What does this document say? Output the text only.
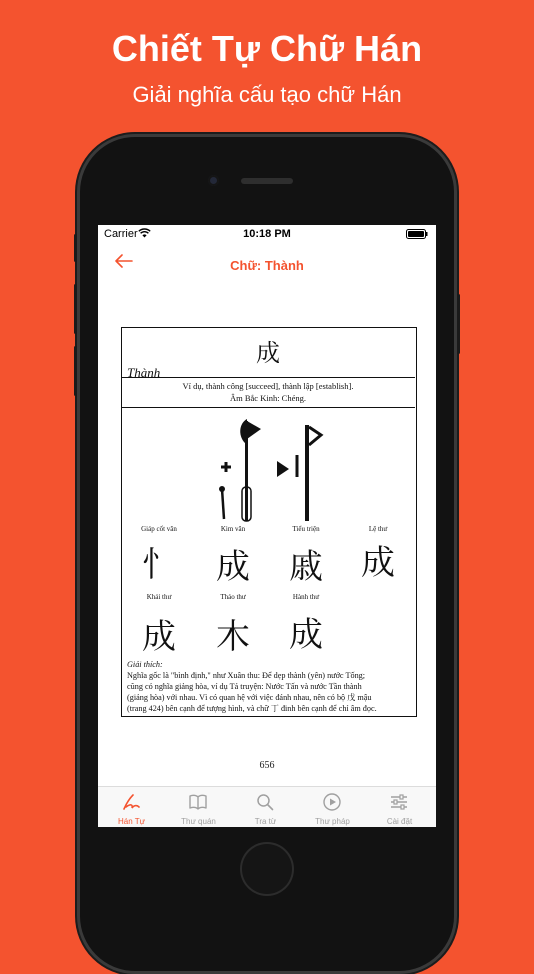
Chiết Tự Chữ Hán
Giải nghĩa cấu tạo chữ Hán
Carrier	10:18 PM
Chữ: Thành
成
Thành
Ví dụ, thành công [succeed], thành lập [establish].
Âm Bắc Kinh: Chéng.
Giáp cốt văn	Kim văn	Tiểu triện	Lệ thư
忄	成	戚	成
Khải thư	Thảo thư	Hành thư
成	木	成
Giải thích:
Nghĩa gốc là "bình định," như Xuân thu: Để dẹp thành (yên) nước Tống;
cũng có nghĩa giảng hòa, ví dụ Tả truyện: Nước Tấn và nước Tần thành
(giảng hòa) với nhau. Vì có quan hệ với việc đánh nhau, nên có bộ 戊 mậu
(trang 424) bên cạnh để tượng hình, và chữ 丁 đinh bên cạnh để chỉ âm đọc.
656
Hán Tự	Thư quán	Tra từ	Thư pháp	Cài đặt
